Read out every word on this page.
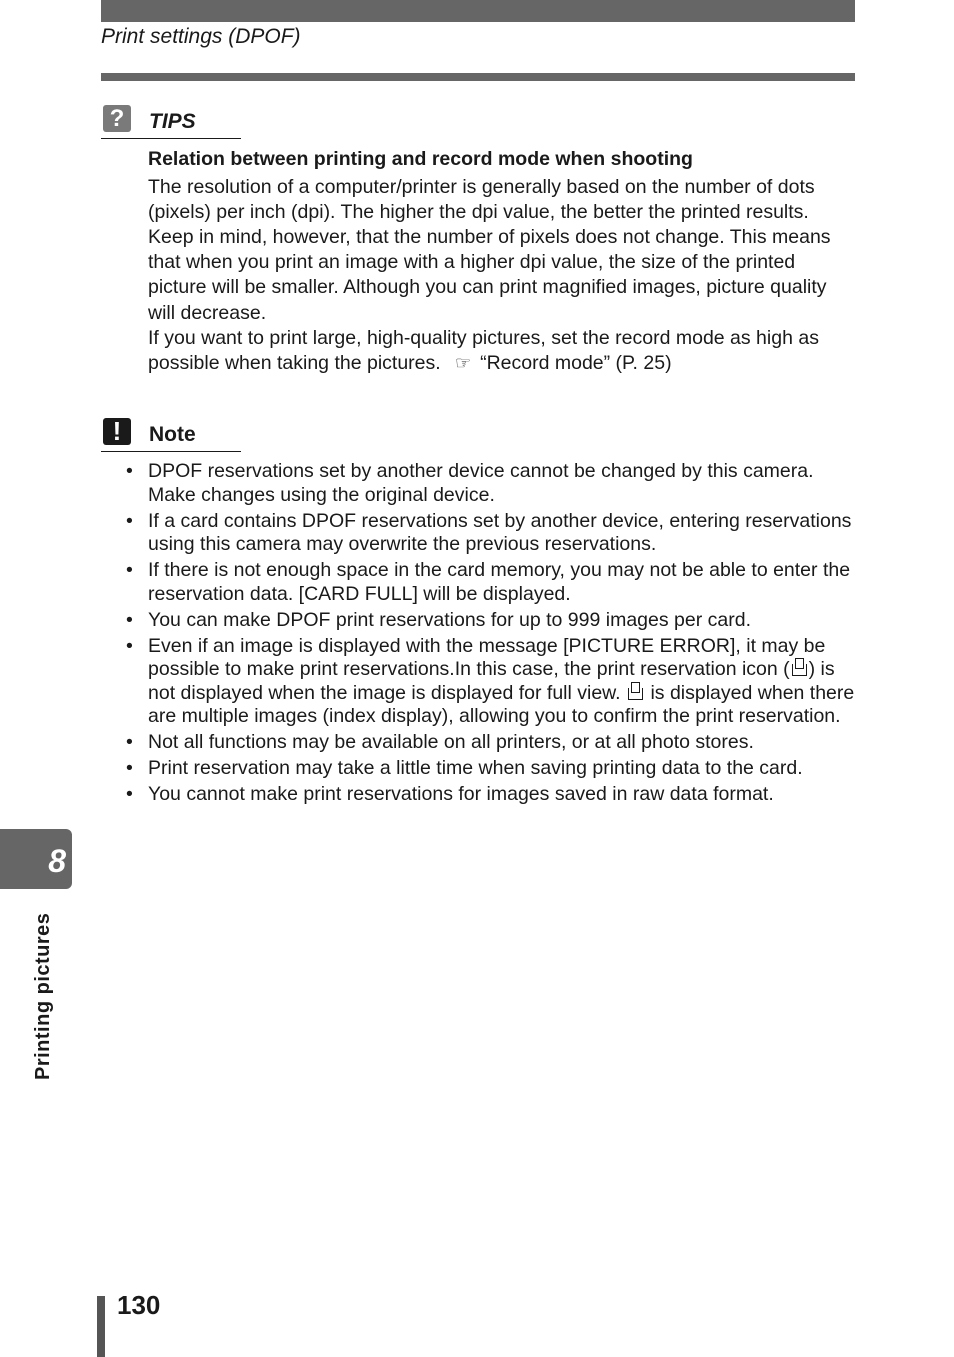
Print settings (DPOF)
?	TIPS
Relation between printing and record mode when shooting

The resolution of a computer/printer is generally based on the number of dots (pixels) per inch (dpi). The higher the dpi value, the better the printed results. Keep in mind, however, that the number of pixels does not change. This means that when you print an image with a higher dpi value, the size of the printed picture will be smaller. Although you can print magnified images, picture quality will decrease.

If you want to print large, high-quality pictures, set the record mode as high as possible when taking the pictures. ☞ “Record mode” (P. 25)

!	Note
• DPOF reservations set by another device cannot be changed by this camera. Make changes using the original device.
• If a card contains DPOF reservations set by another device, entering reservations using this camera may overwrite the previous reservations.
• If there is not enough space in the card memory, you may not be able to enter the reservation data. [CARD FULL] will be displayed.
• You can make DPOF print reservations for up to 999 images per card.
• Even if an image is displayed with the message [PICTURE ERROR], it may be possible to make print reservations.In this case, the print reservation icon ( ) is not displayed when the image is displayed for full view. is displayed when there are multiple images (index display), allowing you to confirm the print reservation.
• Not all functions may be available on all printers, or at all photo stores.
• Print reservation may take a little time when saving printing data to the card.
• You cannot make print reservations for images saved in raw data format.
8
Printing pictures
130
